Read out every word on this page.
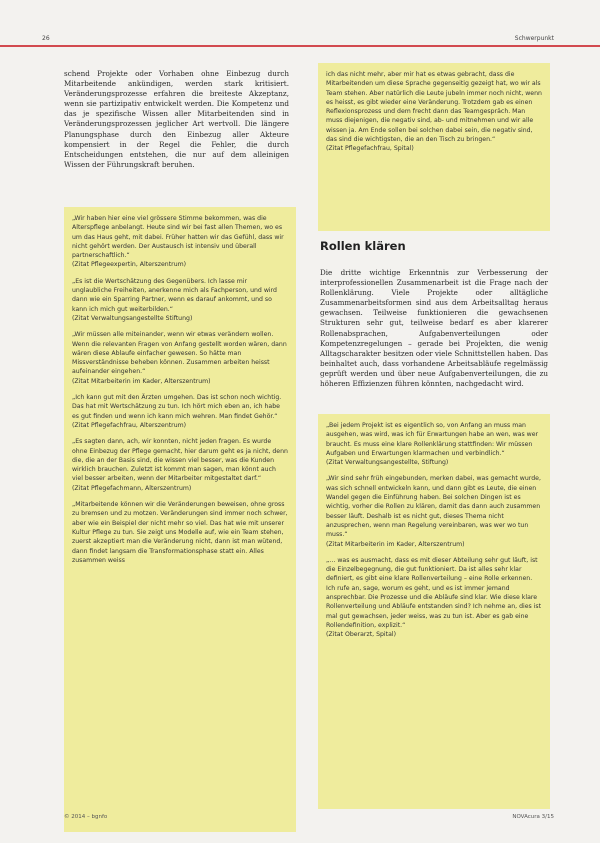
26	Schwerpunkt
schend Projekte oder Vorhaben ohne Einbezug durch Mitarbeitende ankündigen, werden stark kritisiert. Veränderungsprozesse erfahren die breiteste Akzeptanz, wenn sie partizipativ entwickelt werden. Die Kompetenz und das je spezifische Wissen aller Mitarbeitenden sind in Veränderungsprozessen jeglicher Art wertvoll. Die längere Planungsphase durch den Einbezug aller Akteure kompensiert in der Regel die Fehler, die durch Entscheidungen entstehen, die nur auf dem alleinigen Wissen der Führungskraft beruhen.
„Wir haben hier eine viel grössere Stimme bekommen, was die Alterspflege anbelangt. Heute sind wir bei fast allen Themen, wo es um das Haus geht, mit dabei. Früher hatten wir das Gefühl, dass wir nicht gehört werden. Der Austausch ist intensiv und überall partnerschaftlich.“
(Zitat Pflegeexpertin, Alterszentrum)
„Es ist die Wertschätzung des Gegenübers. Ich lasse mir unglaubliche Freiheiten, anerkenne mich als Fachperson, und wird dann wie ein Sparring Partner, wenn es darauf ankommt, und so kann ich mich gut weiterbilden.“
(Zitat Verwaltungsangestellte Stiftung)
„Wir müssen alle miteinander, wenn wir etwas verändern wollen. Wenn die relevanten Fragen von Anfang gestellt worden wären, dann wären diese Ablaufe einfacher gewesen. So hätte man Missverständnisse beheben können. Zusammen arbeiten heisst aufeinander eingehen.“
(Zitat Mitarbeiterin im Kader, Alterszentrum)
„Ich kann gut mit den Ärzten umgehen. Das ist schon noch wichtig. Das hat mit Wertschätzung zu tun. Ich hört mich eben an, ich habe es gut finden und wenn ich kann mich wehren. Man findet Gehör.“
(Zitat Pflegefachfrau, Alterszentrum)
„Es sagten dann, ach, wir konnten, nicht jeden fragen. Es wurde ohne Einbezug der Pflege gemacht, hier darum geht es ja nicht, denn die, die an der Basis sind, die wissen viel besser, was die Kunden wirklich brauchen. Zuletzt ist kommt man sagen, man könnt auch viel besser arbeiten, wenn der Mitarbeiter mitgestaltet darf.“
(Zitat Pflegefachmann, Alterszentrum)
„Mitarbeitende können wir die Veränderungen beweisen, ohne gross zu bremsen und zu motzen. Veränderungen sind immer noch schwer, aber wie ein Beispiel der nicht mehr so viel. Das hat wie mit unserer Kultur Pflege zu tun. Sie zeigt uns Modelle auf, wie ein Team stehen, zuerst akzeptiert man die Veränderung nicht, dann ist man wütend, dann findet langsam die Transformationsphase statt ein. Alles zusammen weiss
ich das nicht mehr, aber mir hat es etwas gebracht, dass die Mitarbeitenden um diese Sprache gegenseitig gezeigt hat, wo wir als Team stehen. Aber natürlich die Leute jubeln immer noch nicht, wenn es heisst, es gibt wieder eine Veränderung. Trotzdem gab es einen Reflexionsprozess und dem frecht dann das Teamgespräch. Man muss diejenigen, die negativ sind, ab- und mitnehmen und wir alle wissen ja. Am Ende sollen bei solchen dabei sein, die negativ sind, das sind die wichtigsten, die an den Tisch zu bringen.“
(Zitat Pflegefachfrau, Spital)
Rollen klären
Die dritte wichtige Erkenntnis zur Verbesserung der interprofessionellen Zusammenarbeit ist die Frage nach der Rollenklärung. Viele Projekte oder alltägliche Zusammenarbeitsformen sind aus dem Arbeitsalltag heraus gewachsen. Teilweise funktionieren die gewachsenen Strukturen sehr gut, teilweise bedarf es aber klarerer Rollenabsprachen, Aufgabenverteilungen oder Kompetenzregelungen – gerade bei Projekten, die wenig Alltagscharakter besitzen oder viele Schnittstellen haben. Das beinhaltet auch, dass vorhandene Arbeitsabläufe regelmässig geprüft werden und über neue Aufgabenverteilungen, die zu höheren Effizienzen führen könnten, nachgedacht wird.
„Bei jedem Projekt ist es eigentlich so, von Anfang an muss man ausgehen, was wird, was ich für Erwartungen habe an wen, was wer braucht. Es muss eine klare Rollenklärung stattfinden: Wir müssen Aufgaben und Erwartungen klarmachen und verbindlich.“
(Zitat Verwaltungsangestellte, Stiftung)
„Wir sind sehr früh eingebunden, merken dabei, was gemacht wurde, was sich schnell entwickeln kann, und dann gibt es Leute, die einen Wandel gegen die Einführung haben. Bei solchen Dingen ist es wichtig, vorher die Rollen zu klären, damit das dann auch zusammen besser läuft. Deshalb ist es nicht gut, dieses Thema nicht anzusprechen, wenn man Regelung vereinbaren, was wer wo tun muss.“
(Zitat Mitarbeiterin im Kader, Alterszentrum)
„… was es ausmacht, dass es mit dieser Abteilung sehr gut läuft, ist die Einzelbegegnung, die gut funktioniert. Da ist alles sehr klar definiert, es gibt eine klare Rollenverteilung – eine Rolle erkennen. Ich rufe an, sage, worum es geht, und es ist immer jemand ansprechbar. Die Prozesse und die Abläufe sind klar. Wie diese klare Rollenverteilung und Abläufe entstanden sind? Ich nehme an, dies ist mal gut gewachsen, jeder weiss, was zu tun ist. Aber es gab eine Rollendefinition, explizit.“
(Zitat Oberarzt, Spital)
© 2014 – bgnfo	NOVAcura 3/15
